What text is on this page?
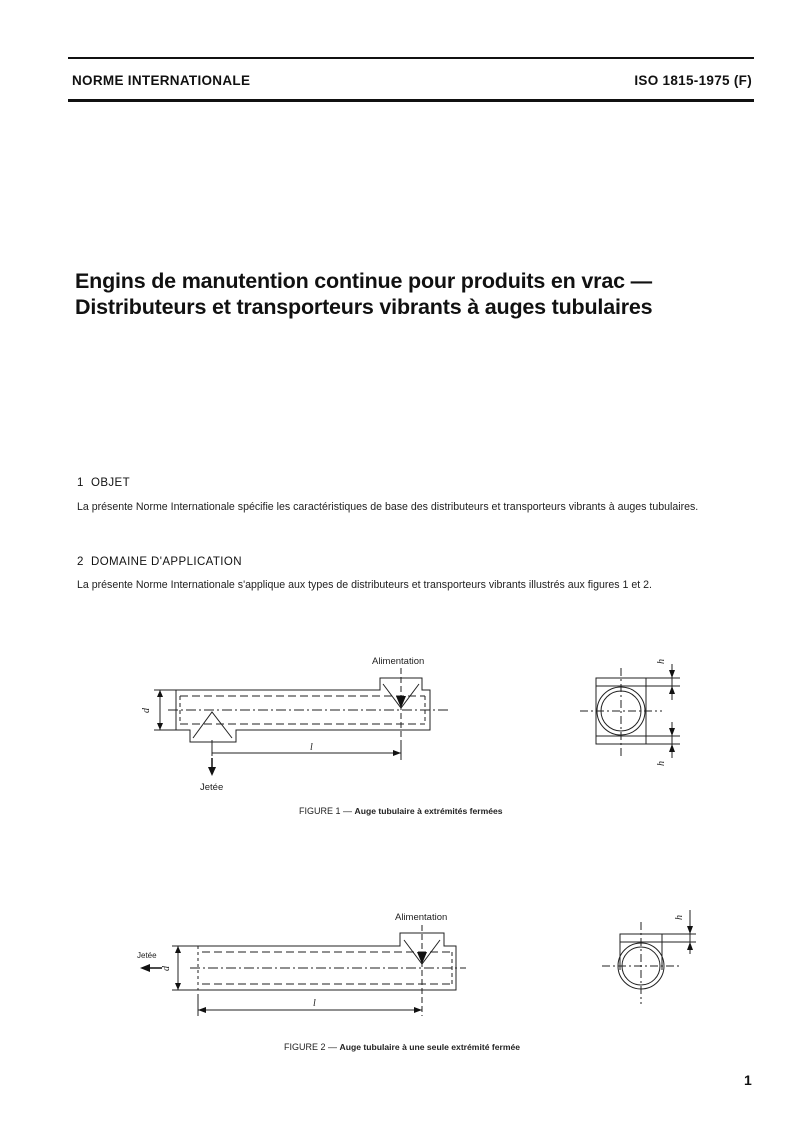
NORME INTERNATIONALE	ISO 1815-1975 (F)
Engins de manutention continue pour produits en vrac —
Distributeurs et transporteurs vibrants à auges tubulaires
1  OBJET
La présente Norme Internationale spécifie les caractéristiques de base des distributeurs et transporteurs vibrants à auges tubulaires.
2  DOMAINE D'APPLICATION
La présente Norme Internationale s'applique aux types de distributeurs et transporteurs vibrants illustrés aux figures 1 et 2.
Alimentation
Jetée
d
l
h
h
FIGURE 1 — Auge tubulaire à extrémités fermées
Alimentation
Jetée
d
l
h
FIGURE 2 — Auge tubulaire à une seule extrémité fermée
1
